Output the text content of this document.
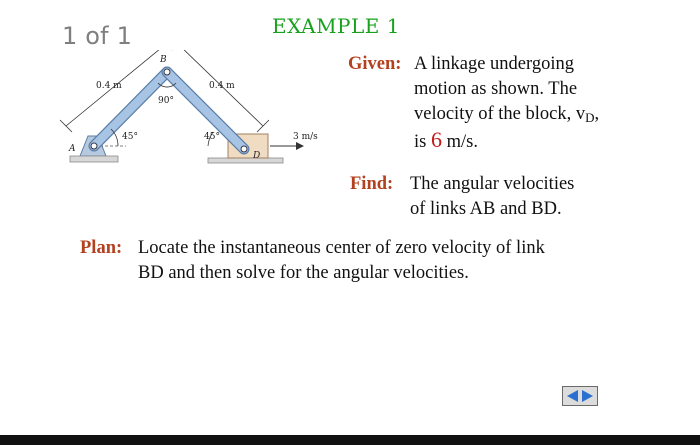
1 of 1	EXAMPLE 1
B
A
D
0.4 m	0.4 m
90°
45°	45°	3 m/s
Given: A linkage undergoing
motion as shown. The
velocity of the block, $v_D$,
is 6 m/s.
Find: The angular velocities
of links AB and BD.
Plan: Locate the instantaneous center of zero velocity of link
BD and then solve for the angular velocities.
